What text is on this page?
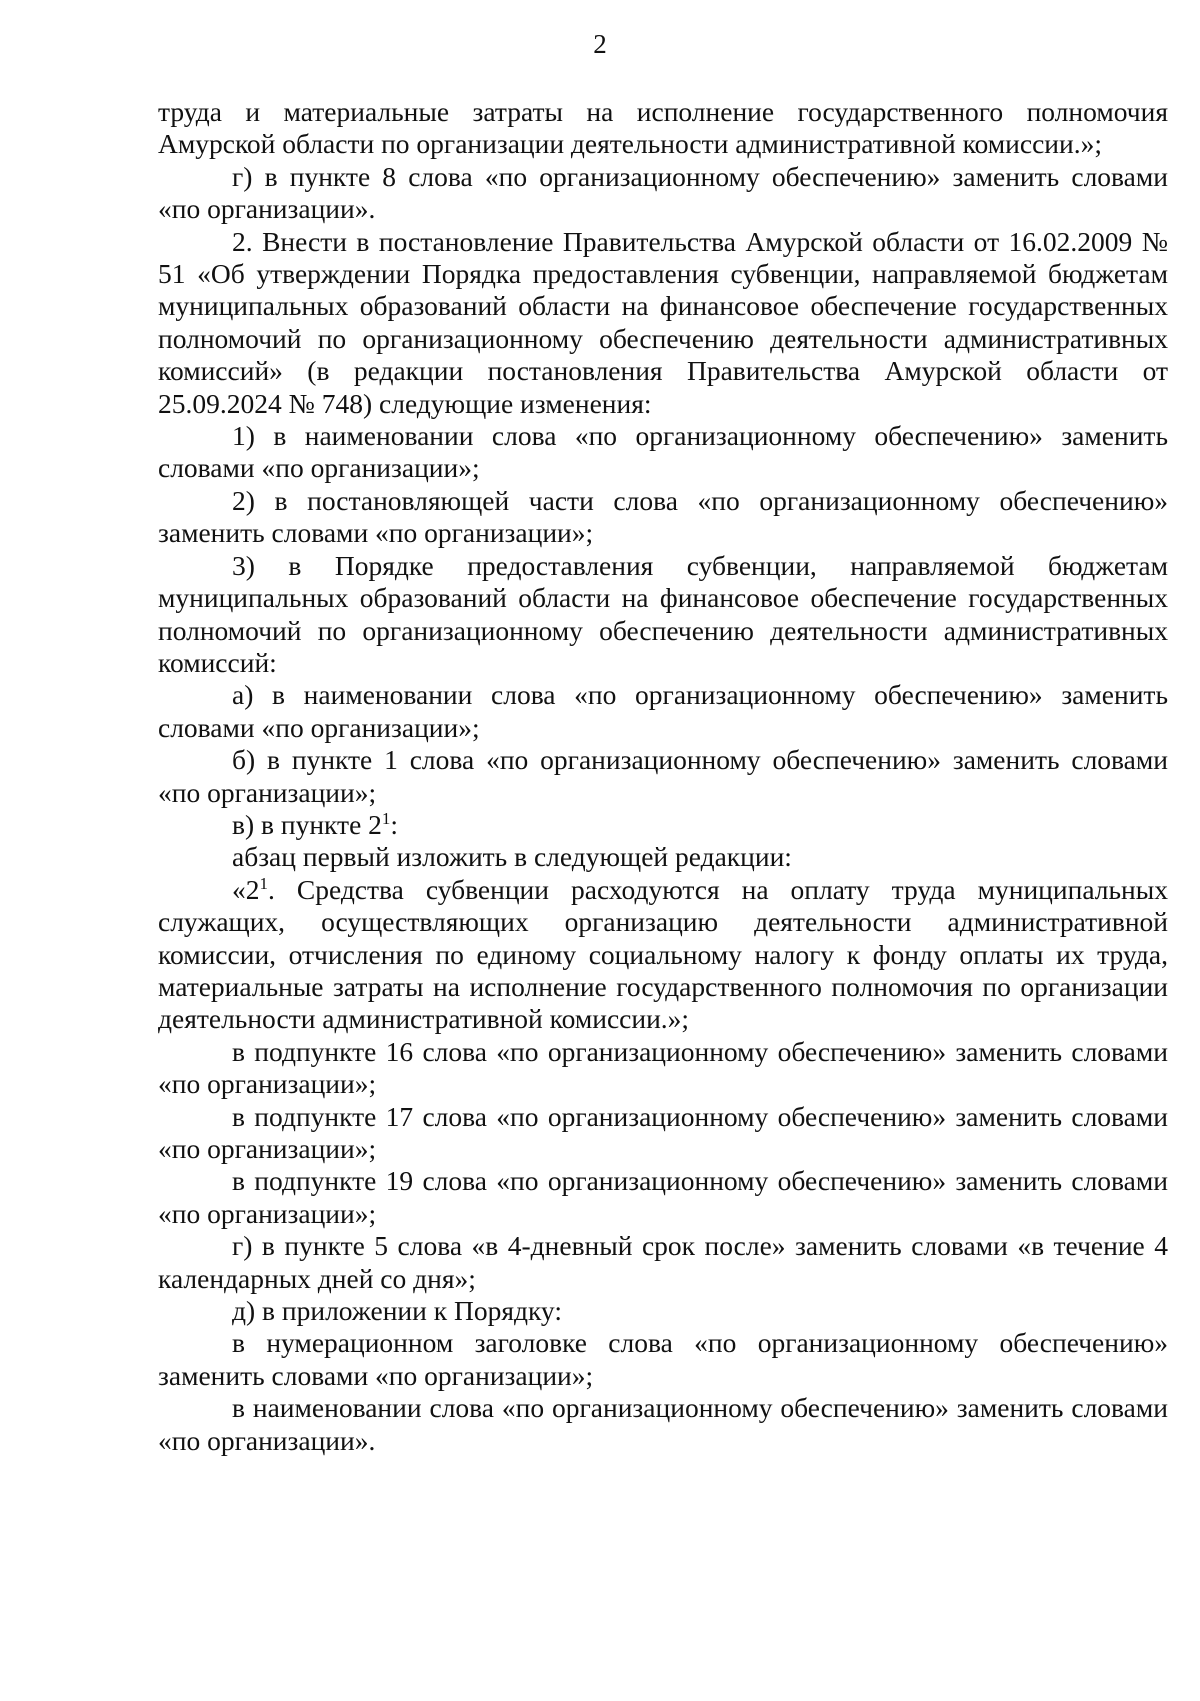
2

труда и материальные затраты на исполнение государственного полномочия Амурской области по организации деятельности административной комиссии.»;

г) в пункте 8 слова «по организационному обеспечению» заменить словами «по организации».

2. Внести в постановление Правительства Амурской области от 16.02.2009 № 51 «Об утверждении Порядка предоставления субвенции, направляемой бюджетам муниципальных образований области на финансовое обеспечение государственных полномочий по организационному обеспечению деятельности административных комиссий» (в редакции постановления Правительства Амурской области от 25.09.2024 № 748) следующие изменения:

1) в наименовании слова «по организационному обеспечению» заменить словами «по организации»;

2) в постановляющей части слова «по организационному обеспечению» заменить словами «по организации»;

3) в Порядке предоставления субвенции, направляемой бюджетам муниципальных образований области на финансовое обеспечение государственных полномочий по организационному обеспечению деятельности административных комиссий:

а) в наименовании слова «по организационному обеспечению» заменить словами «по организации»;

б) в пункте 1 слова «по организационному обеспечению» заменить словами «по организации»;

в) в пункте $2^1$:

абзац первый изложить в следующей редакции:

«$2^1$. Средства субвенции расходуются на оплату труда муниципальных служащих, осуществляющих организацию деятельности административной комиссии, отчисления по единому социальному налогу к фонду оплаты их труда, материальные затраты на исполнение государственного полномочия по организации деятельности административной комиссии.»;

в подпункте 16 слова «по организационному обеспечению» заменить словами «по организации»;

в подпункте 17 слова «по организационному обеспечению» заменить словами «по организации»;

в подпункте 19 слова «по организационному обеспечению» заменить словами «по организации»;

г) в пункте 5 слова «в 4-дневный срок после» заменить словами «в течение 4 календарных дней со дня»;

д) в приложении к Порядку:

в нумерационном заголовке слова «по организационному обеспечению» заменить словами «по организации»;

в наименовании слова «по организационному обеспечению» заменить словами «по организации».
